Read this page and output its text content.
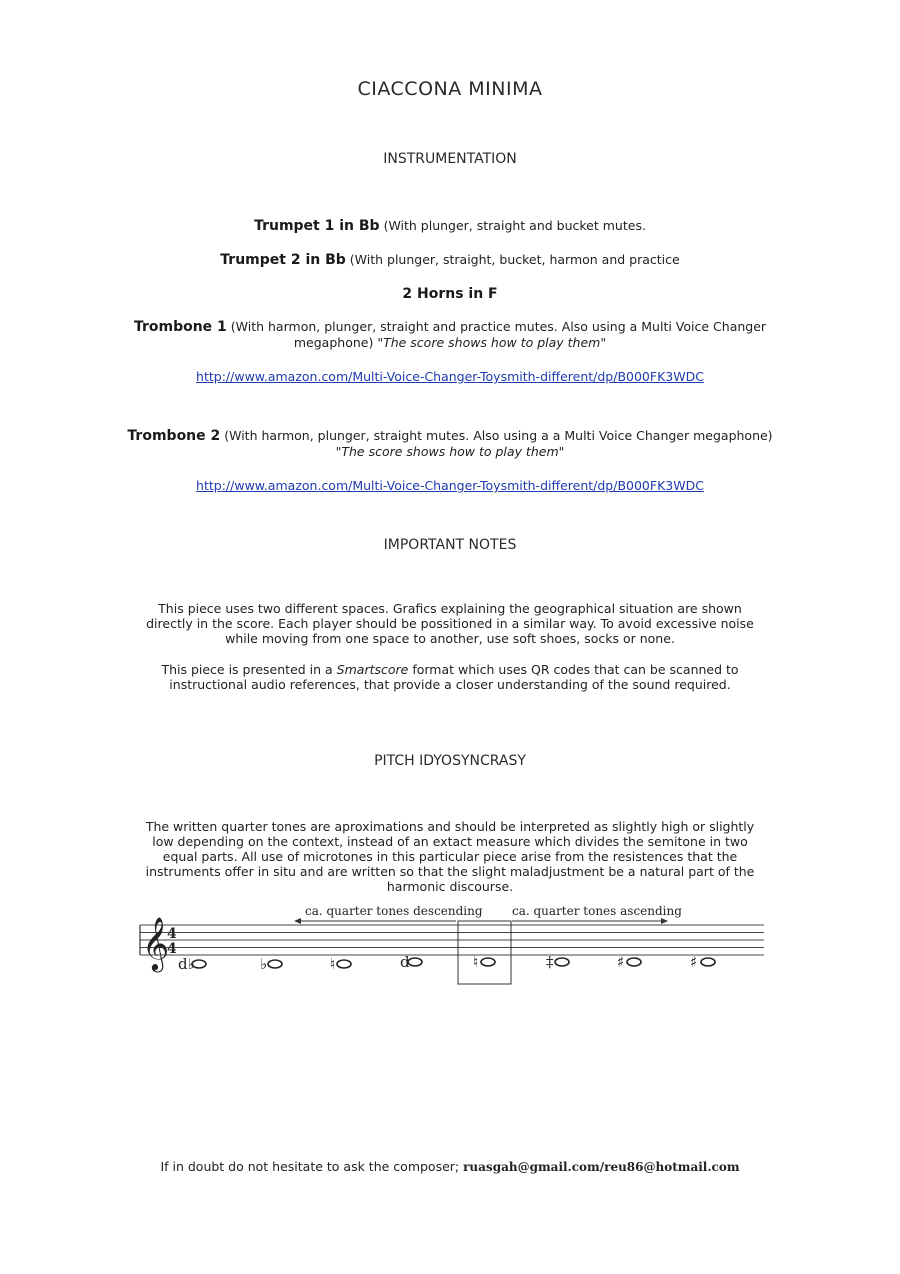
CIACCONA MINIMA
INSTRUMENTATION
Trumpet 1 in Bb (With plunger, straight and bucket mutes.
Trumpet 2 in Bb (With plunger, straight, bucket, harmon and practice
2 Horns in F
Trombone 1 (With harmon, plunger, straight and practice mutes. Also using a Multi Voice Changer
megaphone) "The score shows how to play them"
http://www.amazon.com/Multi-Voice-Changer-Toysmith-different/dp/B000FK3WDC
Trombone 2 (With harmon, plunger, straight mutes. Also using a a Multi Voice Changer megaphone)
"The score shows how to play them"
http://www.amazon.com/Multi-Voice-Changer-Toysmith-different/dp/B000FK3WDC
IMPORTANT NOTES
This piece uses two different spaces. Grafics explaining the geographical situation are shown directly in the score. Each player should be possitioned in a similar way. To avoid excessive noise while moving from one space to another, use soft shoes, socks or none.
This piece is presented in a Smartscore format which uses QR codes that can be scanned to instructional audio references, that provide a closer understanding of the sound required.
PITCH IDYOSYNCRASY
The written quarter tones are aproximations and should be interpreted as slightly high or slightly low depending on the context, instead of an extact measure which divides the semitone in two equal parts. All use of microtones in this particular piece arise from the resistences that the instruments offer in situ and are written so that the slight maladjustment be a natural part of the harmonic discourse.
𝄞
4
4
ca. quarter tones descending ca. quarter tones ascending
d♭	♭	♮	d	♮	‡	♯	♯
If in doubt do not hesitate to ask the composer; ruasgah@gmail.com/reu86@hotmail.com
